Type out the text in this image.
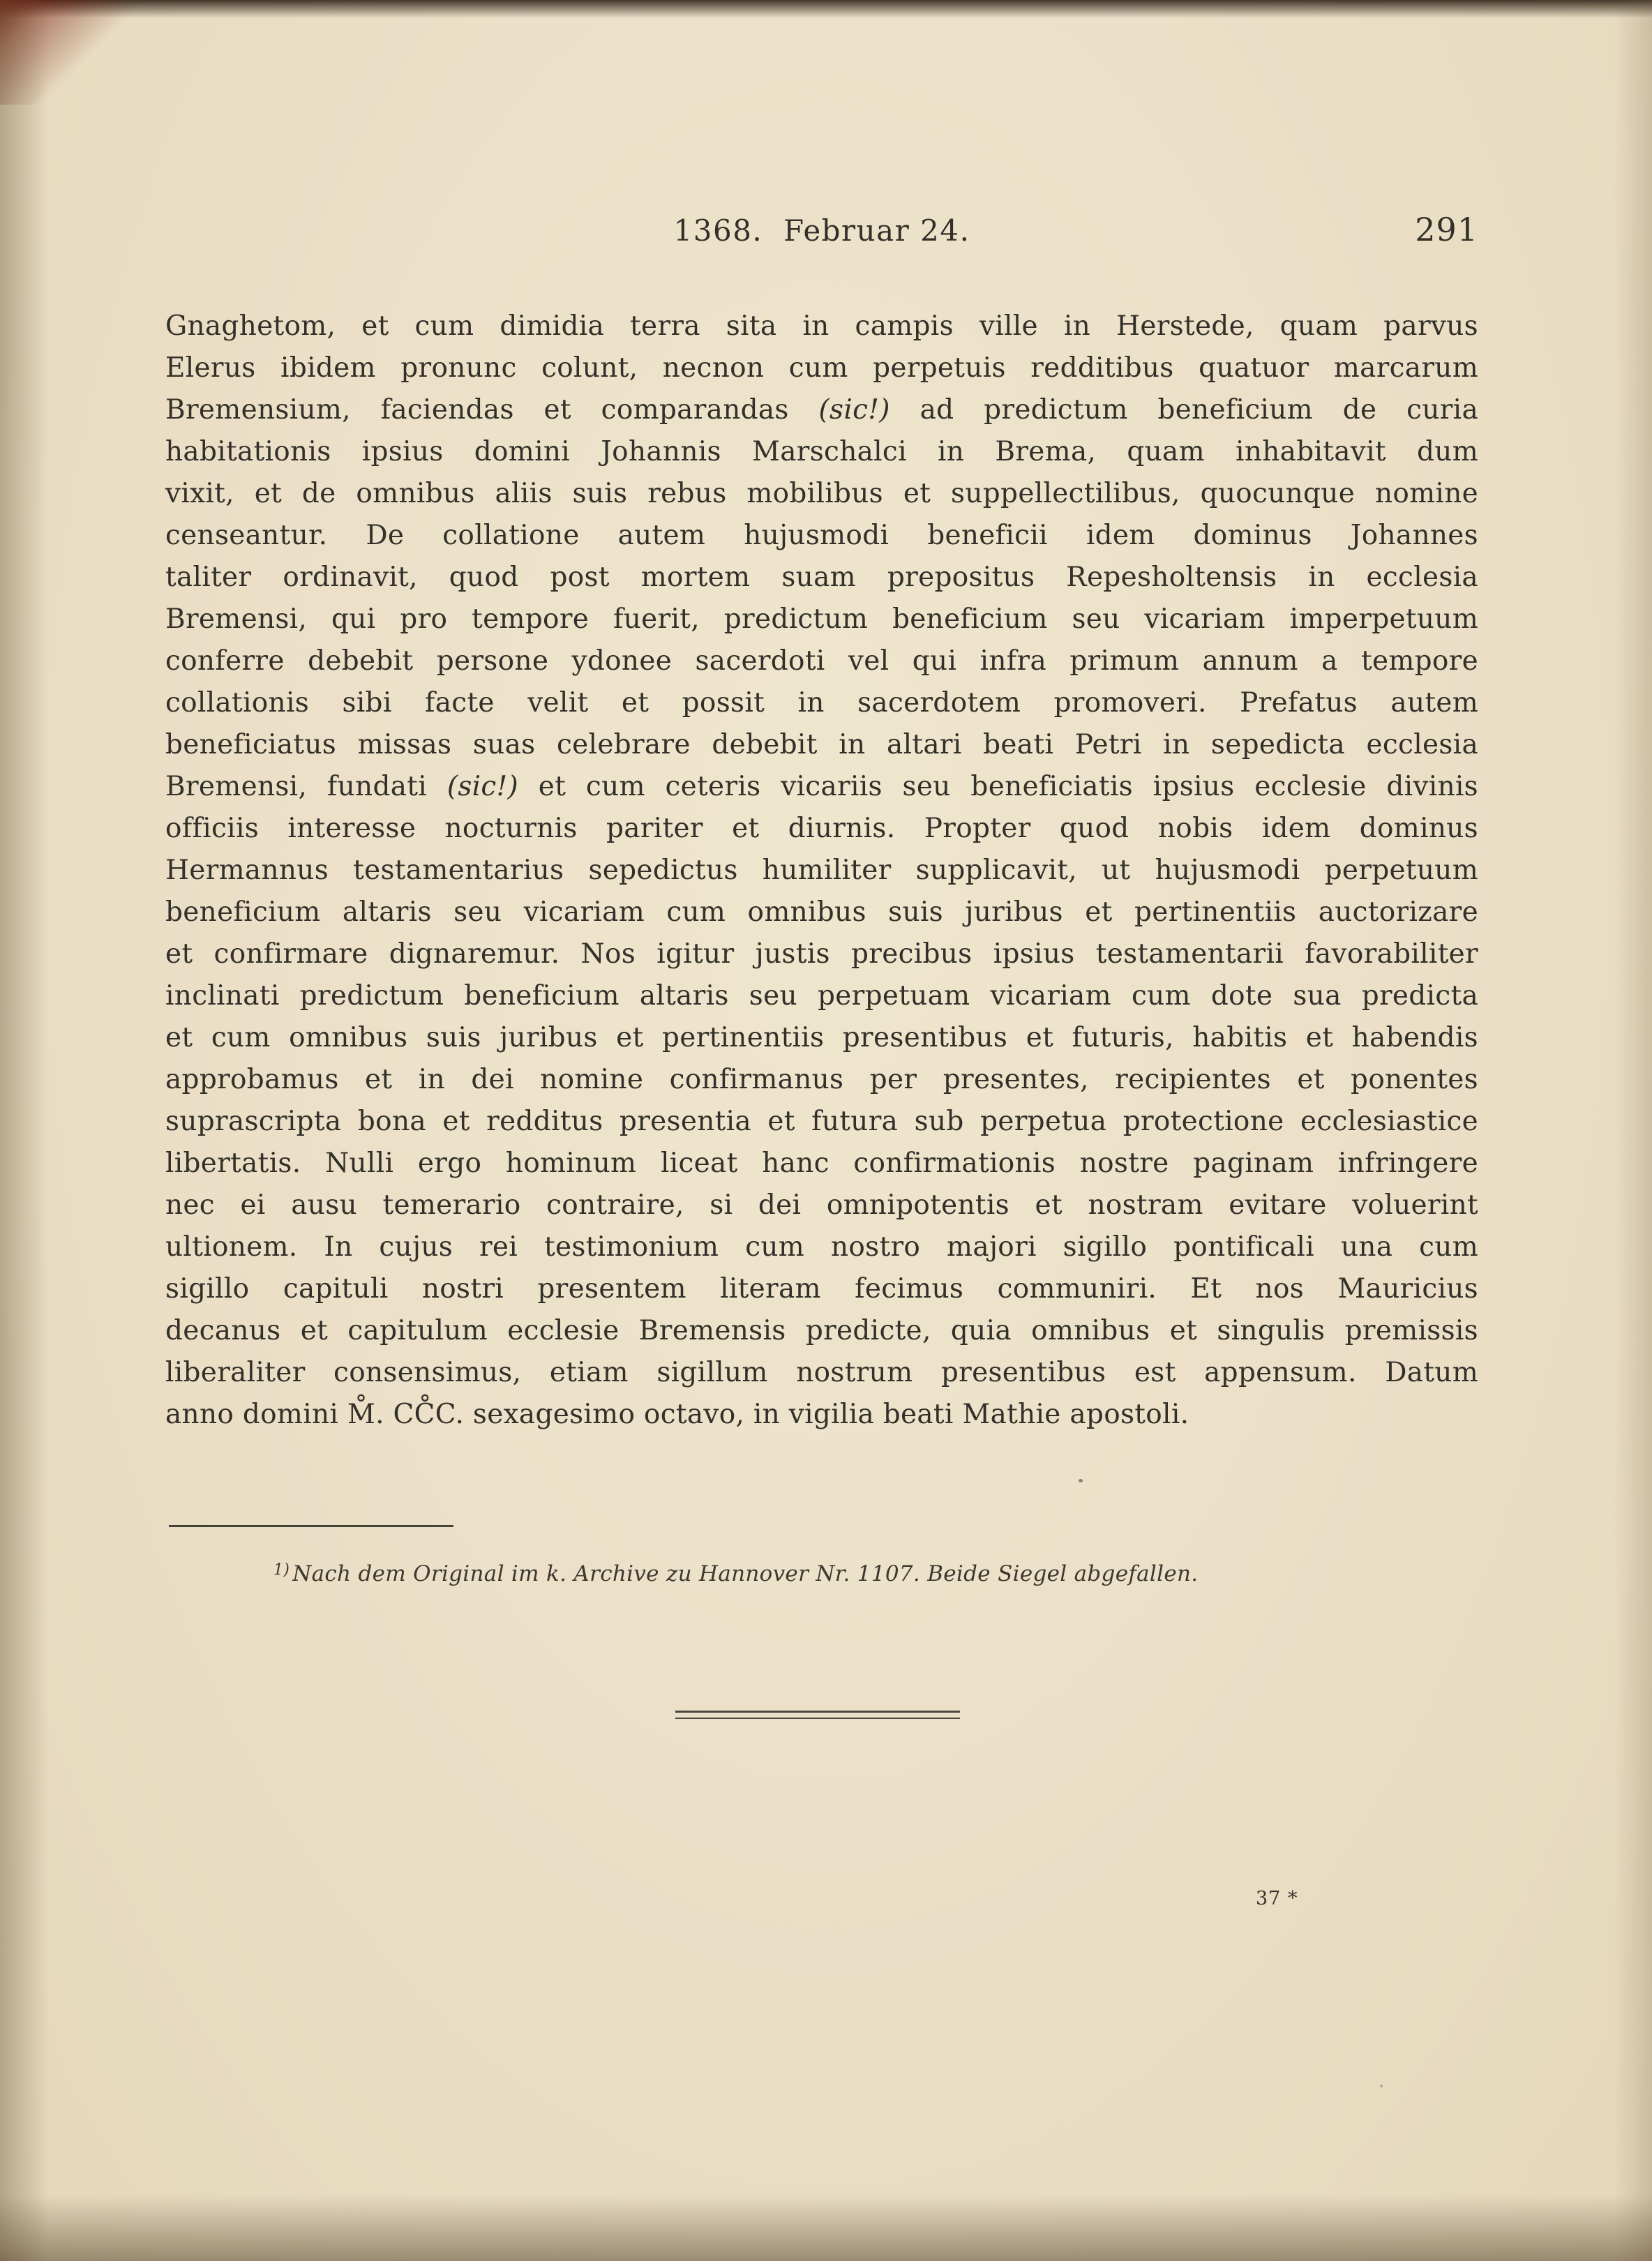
1368.  Februar 24.	291
Gnaghetom, et cum dimidia terra sita in campis ville in Herstede, quam parvus
Elerus ibidem pronunc colunt, necnon cum perpetuis redditibus quatuor marcarum
Bremensium, faciendas et comparandas (sic!) ad predictum beneficium de curia
habitationis ipsius domini Johannis Marschalci in Brema, quam inhabitavit dum
vixit, et de omnibus aliis suis rebus mobilibus et suppellectilibus, quocunque nomine
censeantur. De collatione autem hujusmodi beneficii idem dominus Johannes
taliter ordinavit, quod post mortem suam prepositus Repesholtensis in ecclesia
Bremensi, qui pro tempore fuerit, predictum beneficium seu vicariam imperpetuum
conferre debebit persone ydonee sacerdoti vel qui infra primum annum a tempore
collationis sibi facte velit et possit in sacerdotem promoveri. Prefatus autem
beneficiatus missas suas celebrare debebit in altari beati Petri in sepedicta ecclesia
Bremensi, fundati (sic!) et cum ceteris vicariis seu beneficiatis ipsius ecclesie divinis
officiis interesse nocturnis pariter et diurnis. Propter quod nobis idem dominus
Hermannus testamentarius sepedictus humiliter supplicavit, ut hujusmodi perpetuum
beneficium altaris seu vicariam cum omnibus suis juribus et pertinentiis auctorizare
et confirmare dignaremur. Nos igitur justis precibus ipsius testamentarii favorabiliter
inclinati predictum beneficium altaris seu perpetuam vicariam cum dote sua predicta
et cum omnibus suis juribus et pertinentiis presentibus et futuris, habitis et habendis
approbamus et in dei nomine confirmanus per presentes, recipientes et ponentes
suprascripta bona et redditus presentia et futura sub perpetua protectione ecclesiastice
libertatis. Nulli ergo hominum liceat hanc confirmationis nostre paginam infringere
nec ei ausu temerario contraire, si dei omnipotentis et nostram evitare voluerint
ultionem. In cujus rei testimonium cum nostro majori sigillo pontificali una cum
sigillo capituli nostri presentem literam fecimus communiri. Et nos Mauricius
decanus et capitulum ecclesie Bremensis predicte, quia omnibus et singulis premissis
liberaliter consensimus, etiam sigillum nostrum presentibus est appensum. Datum
anno domini M̊. CC̊C. sexagesimo octavo, in vigilia beati Mathie apostoli.
$^{1)}$ Nach dem Original im k. Archive zu Hannover Nr. 1107. Beide Siegel abgefallen.
37 *
